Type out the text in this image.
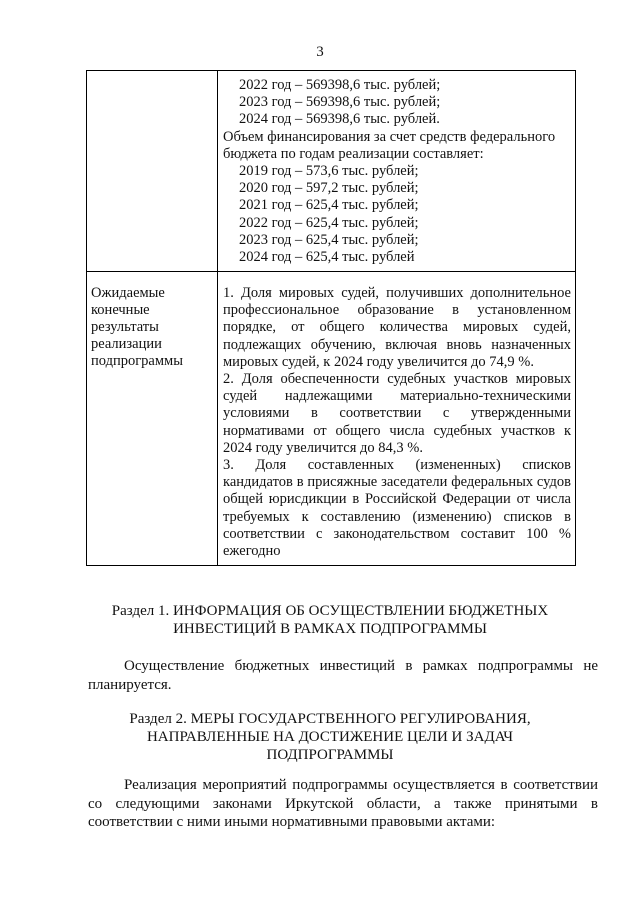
3
2022 год – 569398,6 тыс. рублей;
2023 год – 569398,6 тыс. рублей;
2024 год – 569398,6 тыс. рублей.
Объем финансирования за счет средств федерального бюджета по годам реализации составляет:
2019 год – 573,6 тыс. рублей;
2020 год – 597,2 тыс. рублей;
2021 год – 625,4 тыс. рублей;
2022 год – 625,4 тыс. рублей;
2023 год – 625,4 тыс. рублей;
2024 год – 625,4 тыс. рублей
Ожидаемые конечные результаты реализации подпрограммы
1. Доля мировых судей, получивших дополнительное профессиональное образование в установленном порядке, от общего количества мировых судей, подлежащих обучению, включая вновь назначенных мировых судей, к 2024 году увеличится до 74,9 %.
2. Доля обеспеченности судебных участков мировых судей надлежащими материально-техническими условиями в соответствии с утвержденными нормативами от общего числа судебных участков к 2024 году увеличится до 84,3 %.
3. Доля составленных (измененных) списков кандидатов в присяжные заседатели федеральных судов общей юрисдикции в Российской Федерации от числа требуемых к составлению (изменению) списков в соответствии с законодательством составит 100 % ежегодно
Раздел 1. ИНФОРМАЦИЯ ОБ ОСУЩЕСТВЛЕНИИ БЮДЖЕТНЫХ
ИНВЕСТИЦИЙ В РАМКАХ ПОДПРОГРАММЫ
Осуществление бюджетных инвестиций в рамках подпрограммы не планируется.
Раздел 2. МЕРЫ ГОСУДАРСТВЕННОГО РЕГУЛИРОВАНИЯ,
НАПРАВЛЕННЫЕ НА ДОСТИЖЕНИЕ ЦЕЛИ И ЗАДАЧ
ПОДПРОГРАММЫ
Реализация мероприятий подпрограммы осуществляется в соответствии со следующими законами Иркутской области, а также принятыми в соответствии с ними иными нормативными правовыми актами:
